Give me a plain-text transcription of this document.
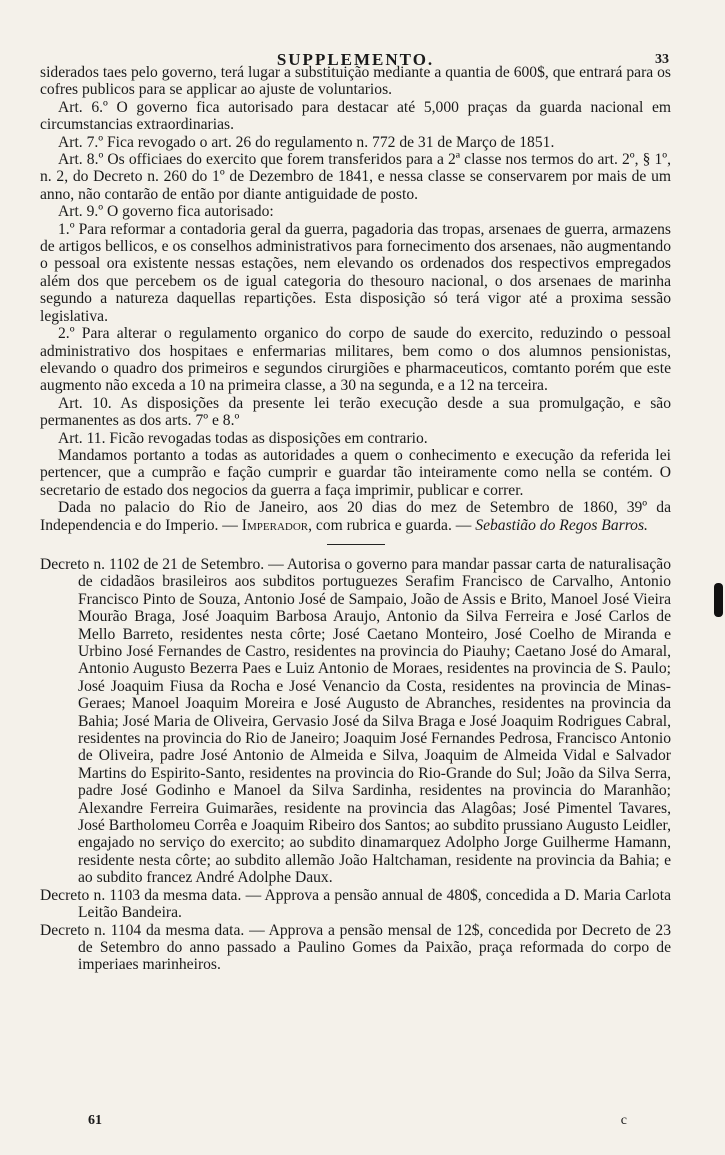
SUPPLEMENTO.	33

siderados taes pelo governo, terá lugar a substituição mediante a quantia de 600$, que entrará para os cofres publicos para se applicar ao ajuste de voluntarios.

Art. 6.º O governo fica autorisado para destacar até 5,000 praças da guarda nacional em circumstancias extraordinarias.

Art. 7.º Fica revogado o art. 26 do regulamento n. 772 de 31 de Março de 1851.

Art. 8.º Os officiaes do exercito que forem transferidos para a 2ª classe nos termos do art. 2º, § 1º, n. 2, do Decreto n. 260 do 1º de Dezembro de 1841, e nessa classe se conservarem por mais de um anno, não contarão de então por diante antiguidade de posto.

Art. 9.º O governo fica autorisado:

1.º Para reformar a contadoria geral da guerra, pagadoria das tropas, arsenaes de guerra, armazens de artigos bellicos, e os conselhos administrativos para fornecimento dos arsenaes, não augmentando o pessoal ora existente nessas estações, nem elevando os ordenados dos respectivos empregados além dos que percebem os de igual categoria do thesouro nacional, o dos arsenaes de marinha segundo a natureza daquellas repartições. Esta disposição só terá vigor até a proxima sessão legislativa.

2.º Para alterar o regulamento organico do corpo de saude do exercito, reduzindo o pessoal administrativo dos hospitaes e enfermarias militares, bem como o dos alumnos pensionistas, elevando o quadro dos primeiros e segundos cirurgiões e pharmaceuticos, comtanto porém que este augmento não exceda a 10 na primeira classe, a 30 na segunda, e a 12 na terceira.

Art. 10. As disposições da presente lei terão execução desde a sua promulgação, e são permanentes as dos arts. 7º e 8.º

Art. 11. Ficão revogadas todas as disposições em contrario.

Mandamos portanto a todas as autoridades a quem o conhecimento e execução da referida lei pertencer, que a cumprão e fação cumprir e guardar tão inteiramente como nella se contém. O secretario de estado dos negocios da guerra a faça imprimir, publicar e correr.

Dada no palacio do Rio de Janeiro, aos 20 dias do mez de Setembro de 1860, 39º da Independencia e do Imperio. — Imperador, com rubrica e guarda. — Sebastião do Regos Barros.

Decreto n. 1102 de 21 de Setembro. — Autorisa o governo para mandar passar carta de naturalisação de cidadãos brasileiros aos subditos portuguezes Serafim Francisco de Carvalho, Antonio Francisco Pinto de Souza, Antonio José de Sampaio, João de Assis e Brito, Manoel José Vieira Mourão Braga, José Joaquim Barbosa Araujo, Antonio da Silva Ferreira e José Carlos de Mello Barreto, residentes nesta côrte; José Caetano Monteiro, José Coelho de Miranda e Urbino José Fernandes de Castro, residentes na provincia do Piauhy; Caetano José do Amaral, Antonio Augusto Bezerra Paes e Luiz Antonio de Moraes, residentes na provincia de S. Paulo; José Joaquim Fiusa da Rocha e José Venancio da Costa, residentes na provincia de Minas-Geraes; Manoel Joaquim Moreira e José Augusto de Abranches, residentes na provincia da Bahia; José Maria de Oliveira, Gervasio José da Silva Braga e José Joaquim Rodrigues Cabral, residentes na provincia do Rio de Janeiro; Joaquim José Fernandes Pedrosa, Francisco Antonio de Oliveira, padre José Antonio de Almeida e Silva, Joaquim de Almeida Vidal e Salvador Martins do Espirito-Santo, residentes na provincia do Rio-Grande do Sul; João da Silva Serra, padre José Godinho e Manoel da Silva Sardinha, residentes na provincia do Maranhão; Alexandre Ferreira Guimarães, residente na provincia das Alagôas; José Pimentel Tavares, José Bartholomeu Corrêa e Joaquim Ribeiro dos Santos; ao subdito prussiano Augusto Leidler, engajado no serviço do exercito; ao subdito dinamarquez Adolpho Jorge Guilherme Hamann, residente nesta côrte; ao subdito allemão João Haltchaman, residente na provincia da Bahia; e ao subdito francez André Adolphe Daux.

Decreto n. 1103 da mesma data. — Approva a pensão annual de 480$, concedida a D. Maria Carlota Leitão Bandeira.

Decreto n. 1104 da mesma data. — Approva a pensão mensal de 12$, concedida por Decreto de 23 de Setembro do anno passado a Paulino Gomes da Paixão, praça reformada do corpo de imperiaes marinheiros.

61	c
